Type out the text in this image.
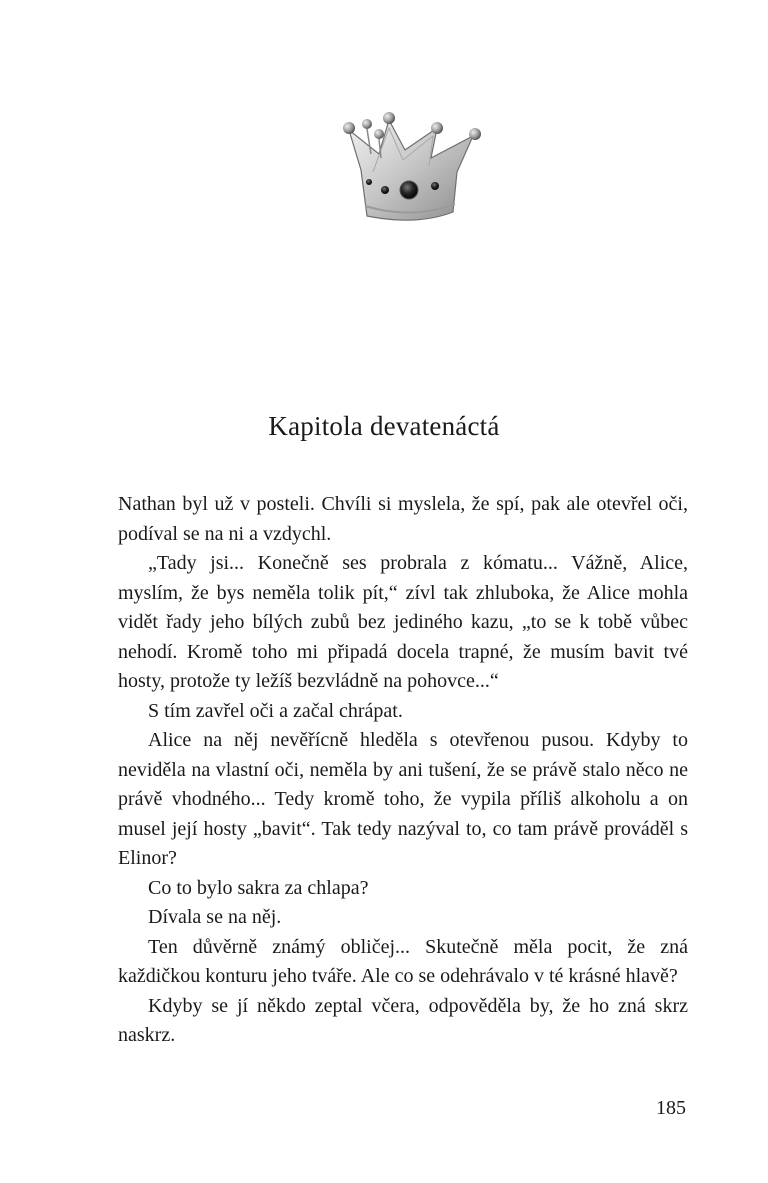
Kapitola devatenáctá

Nathan byl už v posteli. Chvíli si myslela, že spí, pak ale otevřel oči, podíval se na ni a vzdychl.

„Tady jsi... Konečně ses probrala z kómatu... Vážně, Alice, myslím, že bys neměla tolik pít,“ zívl tak zhluboka, že Alice mohla vidět řady jeho bílých zubů bez jediného kazu, „to se k tobě vůbec nehodí. Kromě toho mi připadá docela trapné, že musím bavit tvé hosty, protože ty ležíš bezvládně na pohovce...“

S tím zavřel oči a začal chrápat.

Alice na něj nevěřícně hleděla s otevřenou pusou. Kdyby to neviděla na vlastní oči, neměla by ani tušení, že se právě stalo něco ne právě vhodného... Tedy kromě toho, že vypila příliš alkoholu a on musel její hosty „bavit“. Tak tedy nazýval to, co tam právě prováděl s Elinor?

Co to bylo sakra za chlapa?

Dívala se na něj.

Ten důvěrně známý obličej... Skutečně měla pocit, že zná každičkou konturu jeho tváře. Ale co se odehrávalo v té krásné hlavě?

Kdyby se jí někdo zeptal včera, odpověděla by, že ho zná skrz naskrz.

185
